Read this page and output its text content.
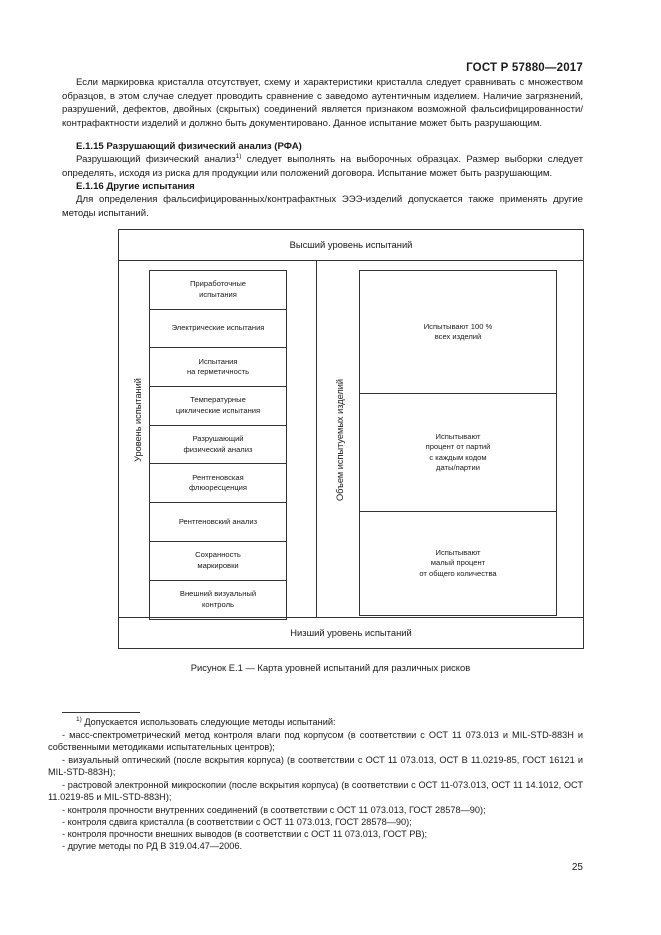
ГОСТ Р 57880—2017
Если маркировка кристалла отсутствует, схему и характеристики кристалла следует сравнивать с множеством образцов, в этом случае следует проводить сравнение с заведомо аутентичным изделием. Наличие загрязнений, разрушений, дефектов, двойных (скрытых) соединений является признаком возможной фальсифицированности/контрафактности изделий и должно быть документировано. Данное испытание может быть разрушающим.
Е.1.15 Разрушающий физический анализ (РФА)
Разрушающий физический анализ$^{1)}$ следует выполнять на выборочных образцах. Размер выборки следует определять, исходя из риска для продукции или положений договора. Испытание может быть разрушающим.
Е.1.16 Другие испытания
Для определения фальсифицированных/контрафактных ЭЭЭ-изделий допускается также применять другие методы испытаний.
Высший уровень испытаний
Уровень испытаний
Приработочные
испытания
Электрические испытания
Испытания
на герметичность
Температурные
циклические испытания
Разрушающий
физический анализ
Рентгеновская
флюоресценция
Рентгеновский анализ
Сохранность
маркировки
Внешний визуальный
контроль
Объем испытуемых изделий
Испытывают 100 %
всех изделий
Испытывают
процент от партий
с каждым кодом
даты/партии
Испытывают
малый процент
от общего количества
Низший уровень испытаний
Рисунок Е.1 — Карта уровней испытаний для различных рисков
$^{1)}$ Допускается использовать следующие методы испытаний:
- масс-спектрометрический метод контроля влаги под корпусом (в соответствии с ОСТ 11 073.013 и MIL-STD-883H и собственными методиками испытательных центров);
- визуальный оптический (после вскрытия корпуса) (в соответствии с ОСТ 11 073.013, ОСТ В 11.0219-85, ГОСТ 16121 и MIL-STD-883H);
- растровой электронной микроскопии (после вскрытия корпуса) (в соответствии с ОСТ 11-073.013, ОСТ 11 14.1012, ОСТ 11.0219-85 и MIL-STD-883H);
- контроля прочности внутренних соединений (в соответствии с ОСТ 11 073.013, ГОСТ 28578—90);
- контроля сдвига кристалла (в соответствии с ОСТ 11 073.013, ГОСТ 28578—90);
- контроля прочности внешних выводов (в соответствии с ОСТ 11 073.013, ГОСТ РВ);
- другие методы по РД В 319.04.47—2006.
25
